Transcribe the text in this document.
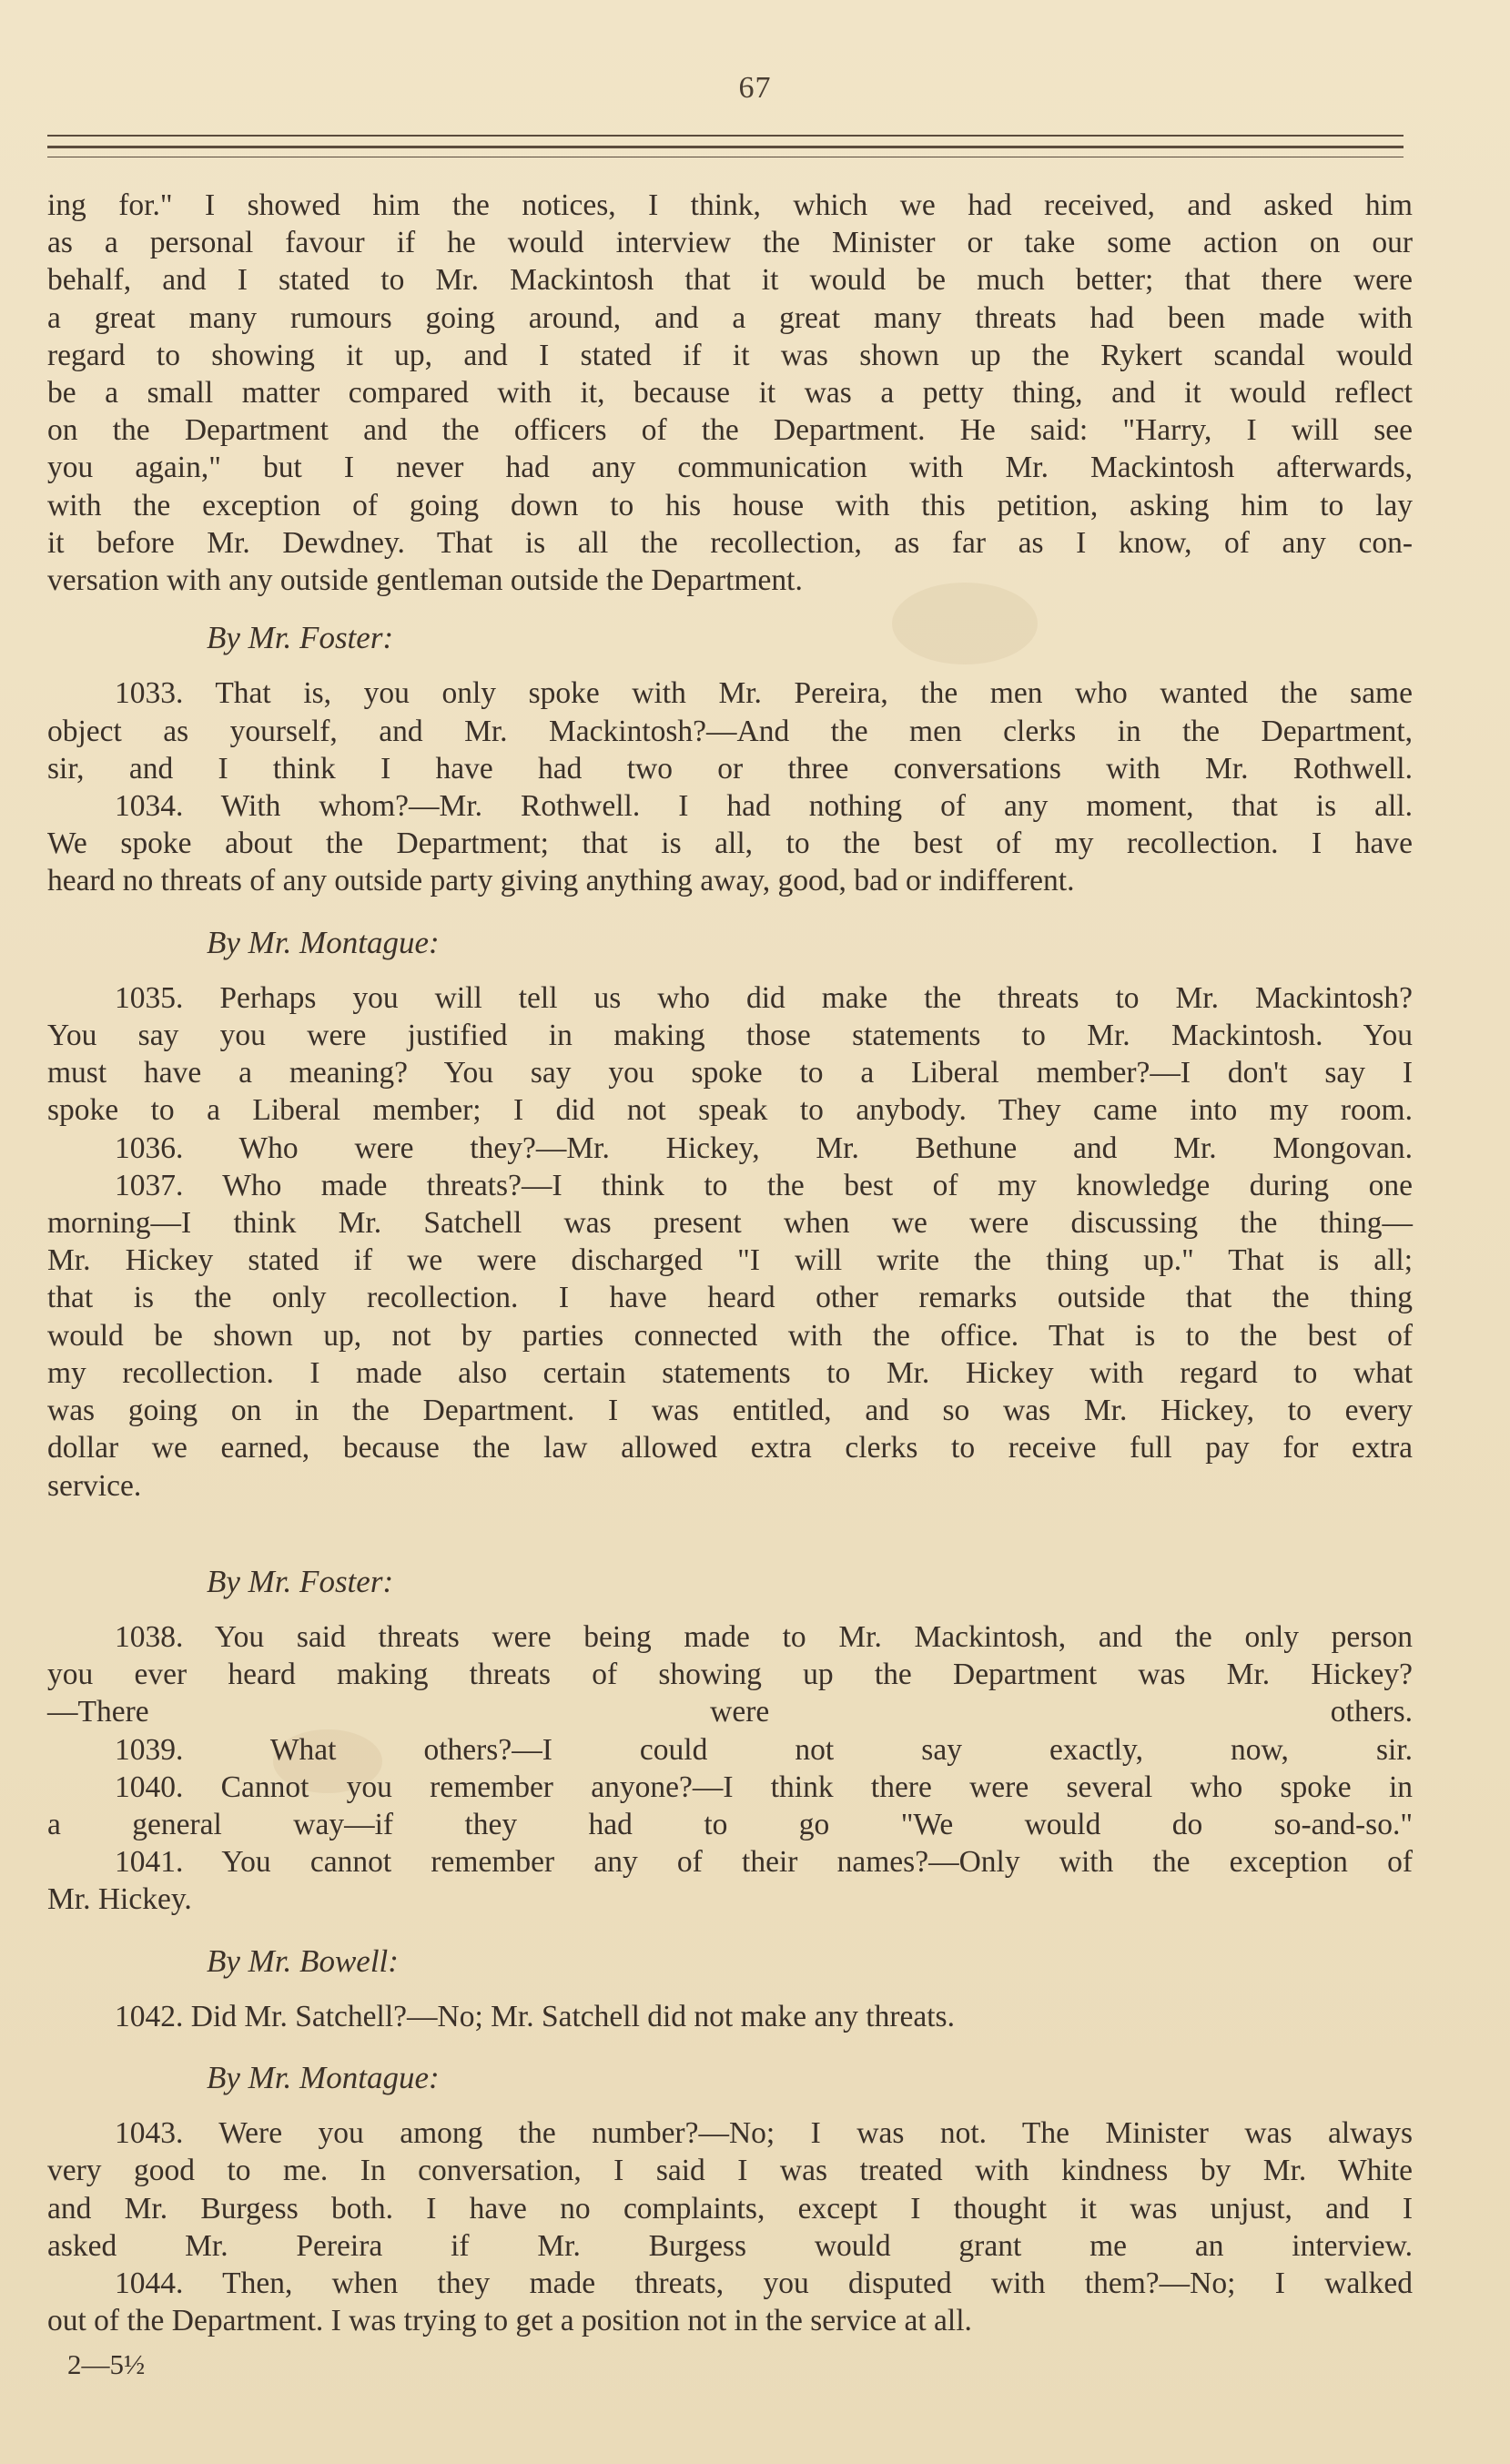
67
ing for." I showed him the notices, I think, which we had received, and asked him
as a personal favour if he would interview the Minister or take some action on our
behalf, and I stated to Mr. Mackintosh that it would be much better; that there were
a great many rumours going around, and a great many threats had been made with
regard to showing it up, and I stated if it was shown up the Rykert scandal would
be a small matter compared with it, because it was a petty thing, and it would reflect
on the Department and the officers of the Department. He said: "Harry, I will see
you again," but I never had any communication with Mr. Mackintosh afterwards,
with the exception of going down to his house with this petition, asking him to lay
it before Mr. Dewdney. That is all the recollection, as far as I know, of any con-
versation with any outside gentleman outside the Department.
By Mr. Foster:
1033. That is, you only spoke with Mr. Pereira, the men who wanted the same
object as yourself, and Mr. Mackintosh?—And the men clerks in the Department,
sir, and I think I have had two or three conversations with Mr. Rothwell.
1034. With whom?—Mr. Rothwell. I had nothing of any moment, that is all.
We spoke about the Department; that is all, to the best of my recollection. I have
heard no threats of any outside party giving anything away, good, bad or indifferent.
By Mr. Montague:
1035. Perhaps you will tell us who did make the threats to Mr. Mackintosh?
You say you were justified in making those statements to Mr. Mackintosh. You
must have a meaning? You say you spoke to a Liberal member?—I don't say I
spoke to a Liberal member; I did not speak to anybody. They came into my room.
1036. Who were they?—Mr. Hickey, Mr. Bethune and Mr. Mongovan.
1037. Who made threats?—I think to the best of my knowledge during one
morning—I think Mr. Satchell was present when we were discussing the thing—
Mr. Hickey stated if we were discharged "I will write the thing up." That is all;
that is the only recollection. I have heard other remarks outside that the thing
would be shown up, not by parties connected with the office. That is to the best of
my recollection. I made also certain statements to Mr. Hickey with regard to what
was going on in the Department. I was entitled, and so was Mr. Hickey, to every
dollar we earned, because the law allowed extra clerks to receive full pay for extra
service.
By Mr. Foster:
1038. You said threats were being made to Mr. Mackintosh, and the only person
you ever heard making threats of showing up the Department was Mr. Hickey?
—There were others.
1039. What others?—I could not say exactly, now, sir.
1040. Cannot you remember anyone?—I think there were several who spoke in
a general way—if they had to go "We would do so-and-so."
1041. You cannot remember any of their names?—Only with the exception of
Mr. Hickey.
By Mr. Bowell:
1042. Did Mr. Satchell?—No; Mr. Satchell did not make any threats.
By Mr. Montague:
1043. Were you among the number?—No; I was not. The Minister was always
very good to me. In conversation, I said I was treated with kindness by Mr. White
and Mr. Burgess both. I have no complaints, except I thought it was unjust, and I
asked Mr. Pereira if Mr. Burgess would grant me an interview.
1044. Then, when they made threats, you disputed with them?—No; I walked
out of the Department. I was trying to get a position not in the service at all.
2—5½
